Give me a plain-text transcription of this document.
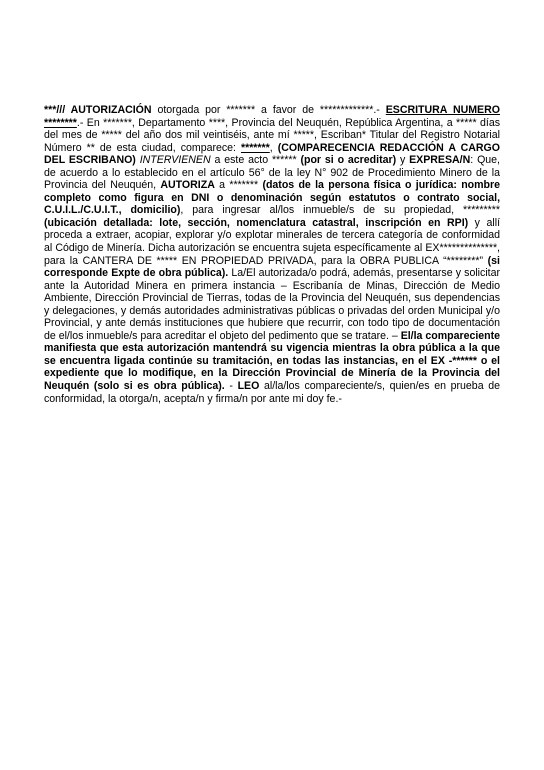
***/// AUTORIZACIÓN otorgada por ******* a favor de *************.- ESCRITURA NUMERO ********.- En *******, Departamento ****, Provincia del Neuquén, República Argentina, a ***** días del mes de ***** del año dos mil veintiséis, ante mí *****, Escriban* Titular del Registro Notarial Número ** de esta ciudad, comparece: *******, (COMPARECENCIA REDACCIÓN A CARGO DEL ESCRIBANO) INTERVIENEN a este acto ****** (por si o acreditar) y EXPRESA/N: Que, de acuerdo a lo establecido en el artículo 56° de la ley N° 902 de Procedimiento Minero de la Provincia del Neuquén, AUTORIZA a ******* (datos de la persona física o jurídica: nombre completo como figura en DNI o denominación según estatutos o contrato social, C.U.I.L./C.U.I.T., domicilio), para ingresar al/los inmueble/s de su propiedad, ********* (ubicación detallada: lote, sección, nomenclatura catastral, inscripción en RPI) y allí proceda a extraer, acopiar, explorar y/o explotar minerales de tercera categoría de conformidad al Código de Minería. Dicha autorización se encuentra sujeta específicamente al EX**************, para la CANTERA DE ***** EN PROPIEDAD PRIVADA, para la OBRA PUBLICA “********” (si corresponde Expte de obra pública). La/El autorizada/o podrá, además, presentarse y solicitar ante la Autoridad Minera en primera instancia – Escribanía de Minas, Dirección de Medio Ambiente, Dirección Provincial de Tierras, todas de la Provincia del Neuquén, sus dependencias y delegaciones, y demás autoridades administrativas públicas o privadas del orden Municipal y/o Provincial, y ante demás instituciones que hubiere que recurrir, con todo tipo de documentación de el/los inmueble/s para acreditar el objeto del pedimento que se tratare. – El/la compareciente manifiesta que esta autorización mantendrá su vigencia mientras la obra pública a la que se encuentra ligada continúe su tramitación, en todas las instancias, en el EX -****** o el expediente que lo modifique, en la Dirección Provincial de Minería de la Provincia del Neuquén (solo si es obra pública). - LEO al/la/los compareciente/s, quien/es en prueba de conformidad, la otorga/n, acepta/n y firma/n por ante mi doy fe.-
